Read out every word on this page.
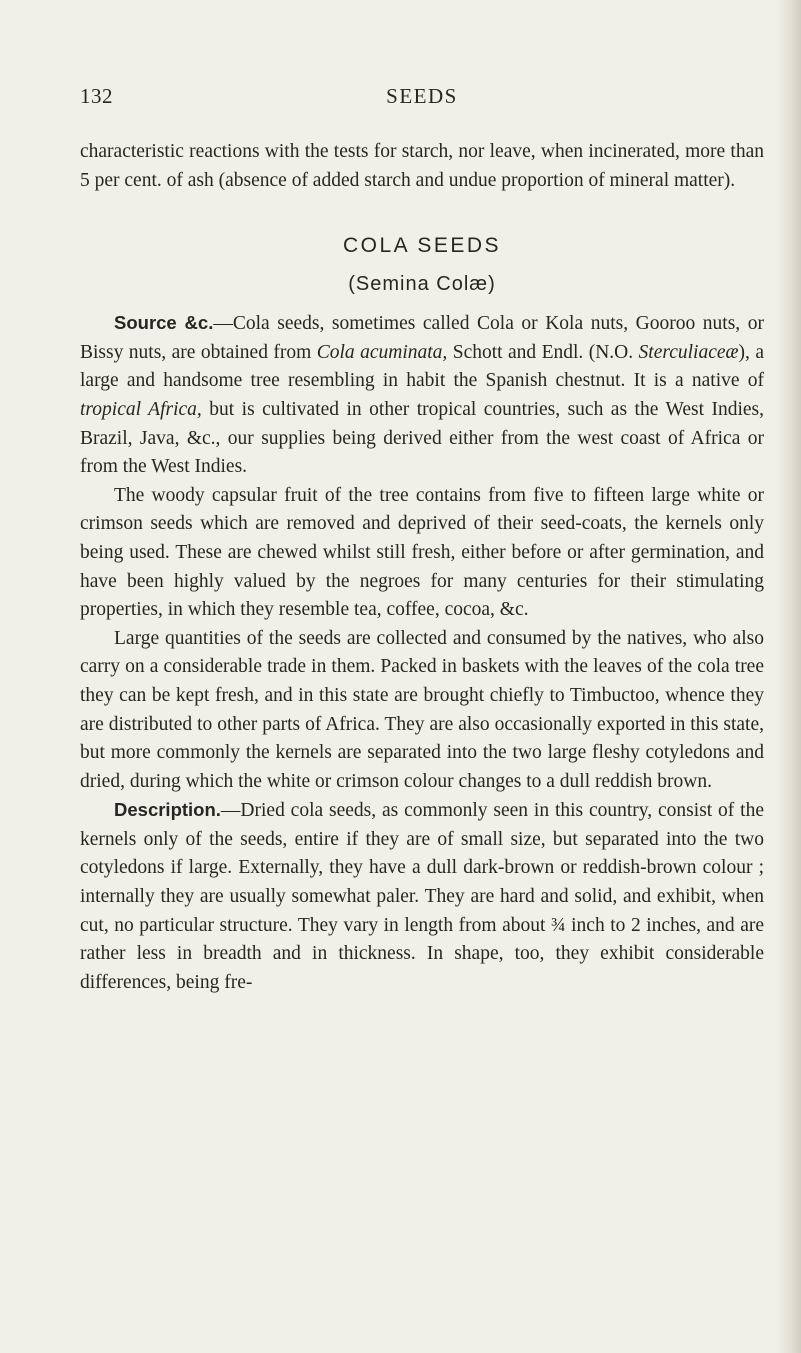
132	SEEDS

characteristic reactions with the tests for starch, nor leave, when incinerated, more than 5 per cent. of ash (absence of added starch and undue proportion of mineral matter).

COLA SEEDS
(Semina Colæ)

Source &c.—Cola seeds, sometimes called Cola or Kola nuts, Gooroo nuts, or Bissy nuts, are obtained from Cola acuminata, Schott and Endl. (N.O. Sterculiaceæ), a large and handsome tree resembling in habit the Spanish chestnut. It is a native of tropical Africa, but is cultivated in other tropical countries, such as the West Indies, Brazil, Java, &c., our supplies being derived either from the west coast of Africa or from the West Indies.

The woody capsular fruit of the tree contains from five to fifteen large white or crimson seeds which are removed and deprived of their seed-coats, the kernels only being used. These are chewed whilst still fresh, either before or after germination, and have been highly valued by the negroes for many centuries for their stimulating properties, in which they resemble tea, coffee, cocoa, &c.

Large quantities of the seeds are collected and consumed by the natives, who also carry on a considerable trade in them. Packed in baskets with the leaves of the cola tree they can be kept fresh, and in this state are brought chiefly to Timbuctoo, whence they are distributed to other parts of Africa. They are also occasionally exported in this state, but more commonly the kernels are separated into the two large fleshy cotyledons and dried, during which the white or crimson colour changes to a dull reddish brown.

Description.—Dried cola seeds, as commonly seen in this country, consist of the kernels only of the seeds, entire if they are of small size, but separated into the two cotyledons if large. Externally, they have a dull dark-brown or reddish-brown colour ; internally they are usually somewhat paler. They are hard and solid, and exhibit, when cut, no particular structure. They vary in length from about ¾ inch to 2 inches, and are rather less in breadth and in thickness. In shape, too, they exhibit considerable differences, being fre-
